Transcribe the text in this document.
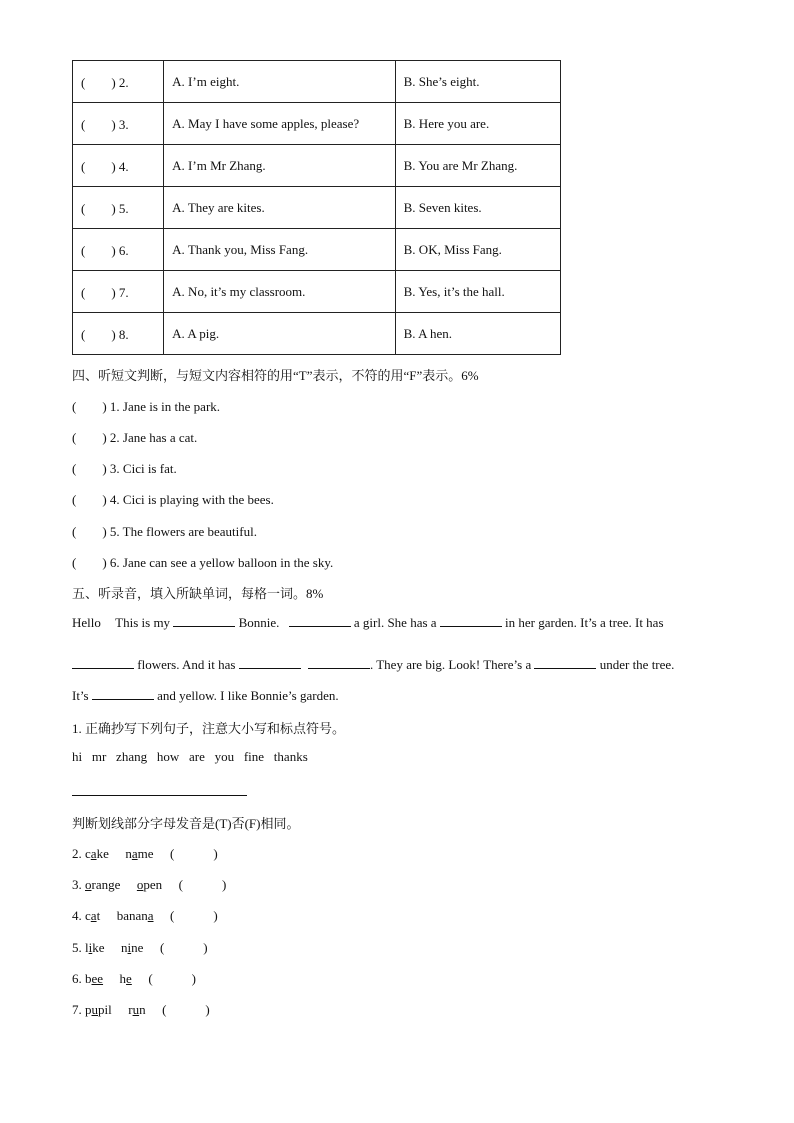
(　　) 2.	A. I’m eight.	B. She’s eight.
(　　) 3.	A. May I have some apples, please?	B. Here you are.
(　　) 4.	A. I’m Mr Zhang.	B. You are Mr Zhang.
(　　) 5.	A. They are kites.	B. Seven kites.
(　　) 6.	A. Thank you, Miss Fang.	B. OK, Miss Fang.
(　　) 7.	A. No, it’s my classroom.	B. Yes, it’s the hall.
(　　) 8.	A. A pig.	B. A hen.
四、听短文判断，与短文内容相符的用“T”表示，不符的用“F”表示。6%
(　　) 1. Jane is in the park.
(　　) 2. Jane has a cat.
(　　) 3. Cici is fat.
(　　) 4. Cici is playing with the bees.
(　　) 5. The flowers are beautiful.
(　　) 6. Jane can see a yellow balloon in the sky.
五、听录音，填入所缺单词，每格一词。8%
Hello This is my	Bonnie.	a girl. She has a	in her garden. It’s a tree. It has
flowers. And it has	. They are big. Look! There’s a	under the tree.
It’s	and yellow. I like Bonnie’s garden.
1. 正确抄写下列句子，注意大小写和标点符号。
hi   mr   zhang   how   are   you   fine   thanks
判断划线部分字母发音是(T)否(F)相同。
2. cake name (　　　)
3. orange open (　　　)
4. cat banana (　　　)
5. like nine (　　　)
6. bee he (　　　)
7. pupil run (　　　)
